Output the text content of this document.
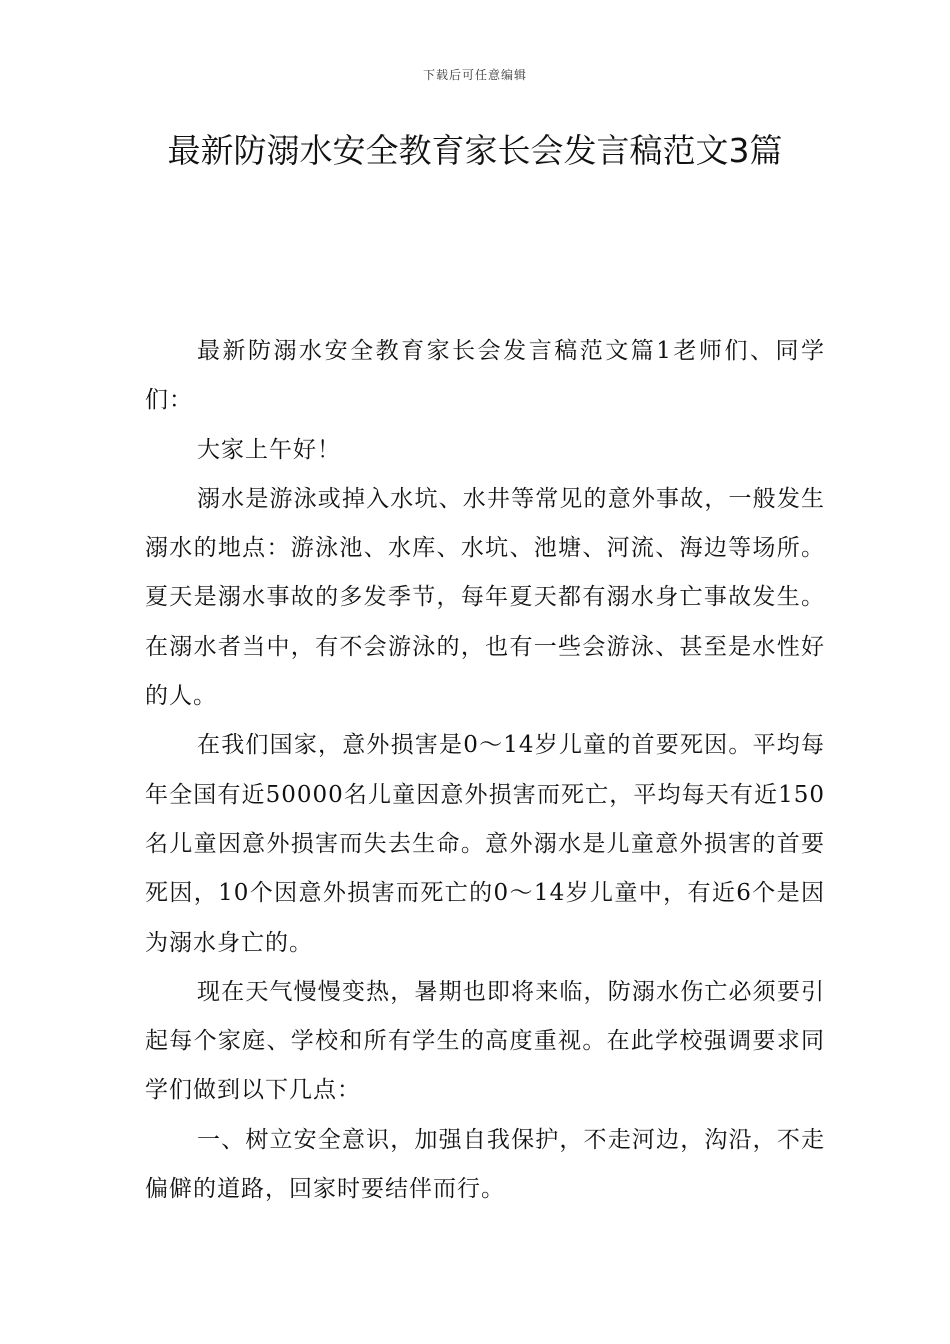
下载后可任意编辑
最新防溺水安全教育家长会发言稿范文3篇

最新防溺水安全教育家长会发言稿范文篇1老师们、同学们：

大家上午好！

溺水是游泳或掉入水坑、水井等常见的意外事故，一般发生溺水的地点：游泳池、水库、水坑、池塘、河流、海边等场所。夏天是溺水事故的多发季节，每年夏天都有溺水身亡事故发生。在溺水者当中，有不会游泳的，也有一些会游泳、甚至是水性好的人。

在我们国家，意外损害是0～14岁儿童的首要死因。平均每年全国有近50000名儿童因意外损害而死亡，平均每天有近150名儿童因意外损害而失去生命。意外溺水是儿童意外损害的首要死因，10个因意外损害而死亡的0～14岁儿童中，有近6个是因为溺水身亡的。

现在天气慢慢变热，暑期也即将来临，防溺水伤亡必须要引起每个家庭、学校和所有学生的高度重视。在此学校强调要求同学们做到以下几点：

一、树立安全意识，加强自我保护，不走河边，沟沿，不走偏僻的道路，回家时要结伴而行。
